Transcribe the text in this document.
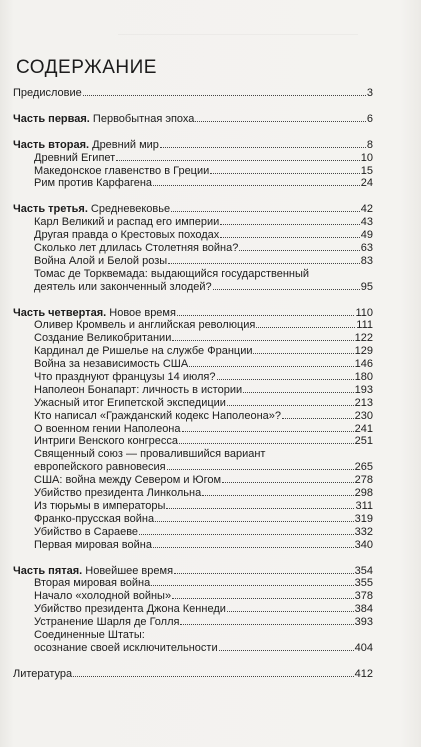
СОДЕРЖАНИЕ
Предисловие	3
Часть первая. Первобытная эпоха	6
Часть вторая. Древний мир	8
Древний Египет	10
Македонское главенство в Греции	15
Рим против Карфагена	24
Часть третья. Средневековье	42
Карл Великий и распад его империи	43
Другая правда о Крестовых походах	49
Сколько лет длилась Столетняя война?	63
Война Алой и Белой розы	83
Томас де Торквемада: выдающийся государственный
деятель или законченный злодей?	95
Часть четвертая. Новое время	110
Оливер Кромвель и английская революция	111
Создание Великобритании	122
Кардинал де Ришелье на службе Франции	129
Война за независимость США	146
Что празднуют французы 14 июля?	180
Наполеон Бонапарт: личность в истории	193
Ужасный итог Египетской экспедиции	213
Кто написал «Гражданский кодекс Наполеона»?	230
О военном гении Наполеона	241
Интриги Венского конгресса	251
Священный союз — провалившийся вариант
европейского равновесия	265
США: война между Севером и Югом	278
Убийство президента Линкольна	298
Из тюрьмы в императоры	311
Франко-прусская война	319
Убийство в Сараеве	332
Первая мировая война	340
Часть пятая. Новейшее время	354
Вторая мировая война	355
Начало «холодной войны»	378
Убийство президента Джона Кеннеди	384
Устранение Шарля де Голля	393
Соединенные Штаты:
осознание своей исключительности	404
Литература	412
